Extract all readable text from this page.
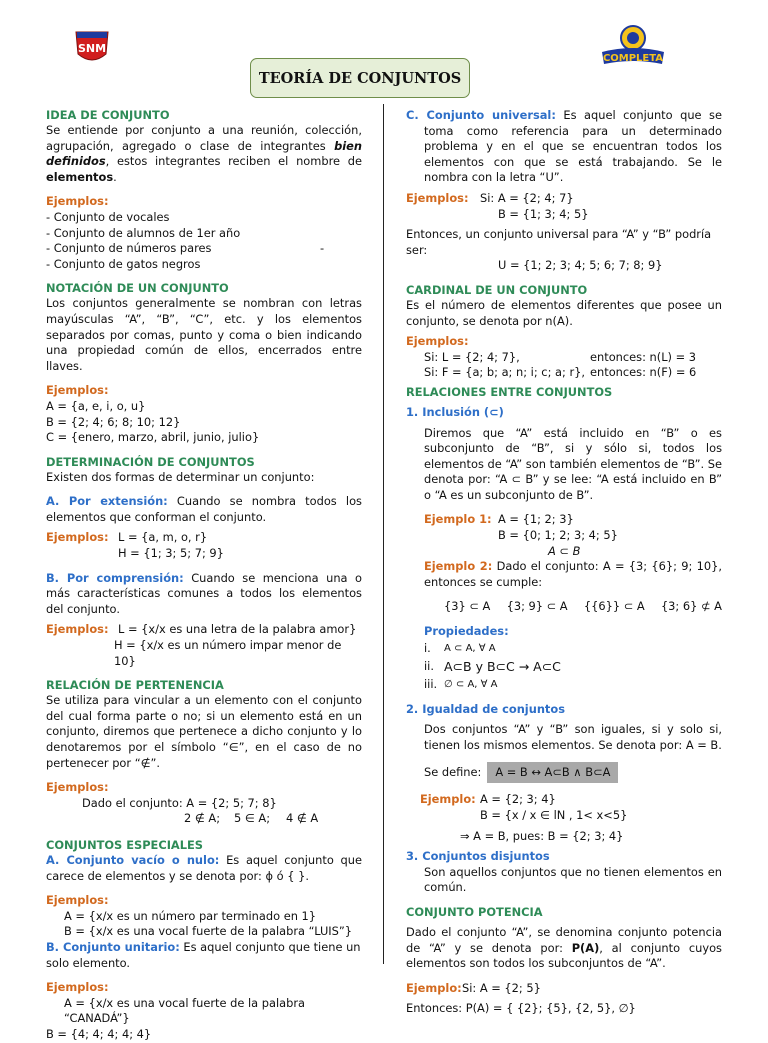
SNM
COMPLETA
TEORÍA DE CONJUNTOS

IDEA DE CONJUNTO

Se entiende por conjunto a una reunión, colección, agrupación, agregado o clase de integrantes bien definidos, estos integrantes reciben el nombre de elementos.

Ejemplos:

- Conjunto de vocales

- Conjunto de alumnos de 1er año

- Conjunto de números pares	-

- Conjunto de gatos negros

NOTACIÓN DE UN CONJUNTO

Los conjuntos generalmente se nombran con letras mayúsculas “A”, “B”, “C”, etc. y los elementos separados por comas, punto y coma o bien indicando una propiedad común de ellos, encerrados entre llaves.

Ejemplos:

A = {a, e, i, o, u}

B = {2; 4; 6; 8; 10; 12}

C = {enero, marzo, abril, junio, julio}

DETERMINACIÓN DE CONJUNTOS

Existen dos formas de determinar un conjunto:

A. Por extensión: Cuando se nombra todos los elementos que conforman el conjunto.

Ejemplos: L = {a, m, o, r}

H = {1; 3; 5; 7; 9}

B. Por comprensión: Cuando se menciona una o más características comunes a todos los elementos del conjunto.

Ejemplos: L = {x/x es una letra de la palabra amor}

H = {x/x es un número impar menor de 10}

RELACIÓN DE PERTENENCIA

Se utiliza para vincular a un elemento con el conjunto del cual forma parte o no; si un elemento está en un conjunto, diremos que pertenece a dicho conjunto y lo denotaremos por el símbolo “∈”, en el caso de no pertenecer por “∉”.

Ejemplos:

Dado el conjunto: A = {2; 5; 7; 8}

2 ∉ A;	5 ∈ A;	4 ∉ A

CONJUNTOS ESPECIALES

A. Conjunto vacío o nulo: Es aquel conjunto que carece de elementos y se denota por: ϕ ó { }.

Ejemplos:

A = {x/x es un número par terminado en 1}

B = {x/x es una vocal fuerte de la palabra “LUIS”}

B. Conjunto unitario: Es aquel conjunto que tiene un solo elemento.

Ejemplos:

A = {x/x es una vocal fuerte de la palabra “CANADÁ”}

B = {4; 4; 4; 4; 4}

C. Conjunto universal: Es aquel conjunto que se toma como referencia para un determinado problema y en el que se encuentran todos los elementos con que se está trabajando. Se le nombra con la letra “U”.

Ejemplos:	Si: A = {2; 4; 7}

B = {1; 3; 4; 5}

Entonces, un conjunto universal para “A” y “B” podría ser:

U = {1; 2; 3; 4; 5; 6; 7; 8; 9}

CARDINAL DE UN CONJUNTO

Es el número de elementos diferentes que posee un conjunto, se denota por n(A).

Ejemplos:

Si: L = {2; 4; 7},	entonces: n(L) = 3
Si: F = {a; b; a; n; i; c; a; r}, entonces: n(F) = 6

RELACIONES ENTRE CONJUNTOS

1. Inclusión (⊂)

Diremos que “A” está incluido en “B” o es subconjunto de “B”, si y sólo si, todos los elementos de “A” son también elementos de “B”. Se denota por: “A ⊂ B” y se lee: “A está incluido en B” o “A es un subconjunto de B”.

Ejemplo 1: A = {1; 2; 3}

B = {0; 1; 2; 3; 4; 5}

A ⊂ B

Ejemplo 2: Dado el conjunto: A = {3; {6}; 9; 10}, entonces se cumple:

{3} ⊂ A {3; 9} ⊂ A {{6}} ⊂ A {3; 6} ⊄ A

Propiedades:

i.	A ⊂ A, ∀ A
ii. A⊂B y B⊂C → A⊂C
iii. ∅ ⊂ A, ∀ A

2. Igualdad de conjuntos

Dos conjuntos “A” y “B” son iguales, si y solo si, tienen los mismos elementos. Se denota por: A = B.

Se define: A = B ↔ A⊂B ∧ B⊂A

Ejemplo: A = {2; 3; 4}

B = {x / x ∈ lN , 1< x<5}

⇒ A = B, pues: B = {2; 3; 4}

3. Conjuntos disjuntos

Son aquellos conjuntos que no tienen elementos en común.

CONJUNTO POTENCIA

Dado el conjunto “A”, se denomina conjunto potencia de “A” y se denota por: P(A), al conjunto cuyos elementos son todos los subconjuntos de “A”.

Ejemplo: Si: A = {2; 5}

Entonces: P(A) = { {2}; {5}, {2, 5}, ∅}
